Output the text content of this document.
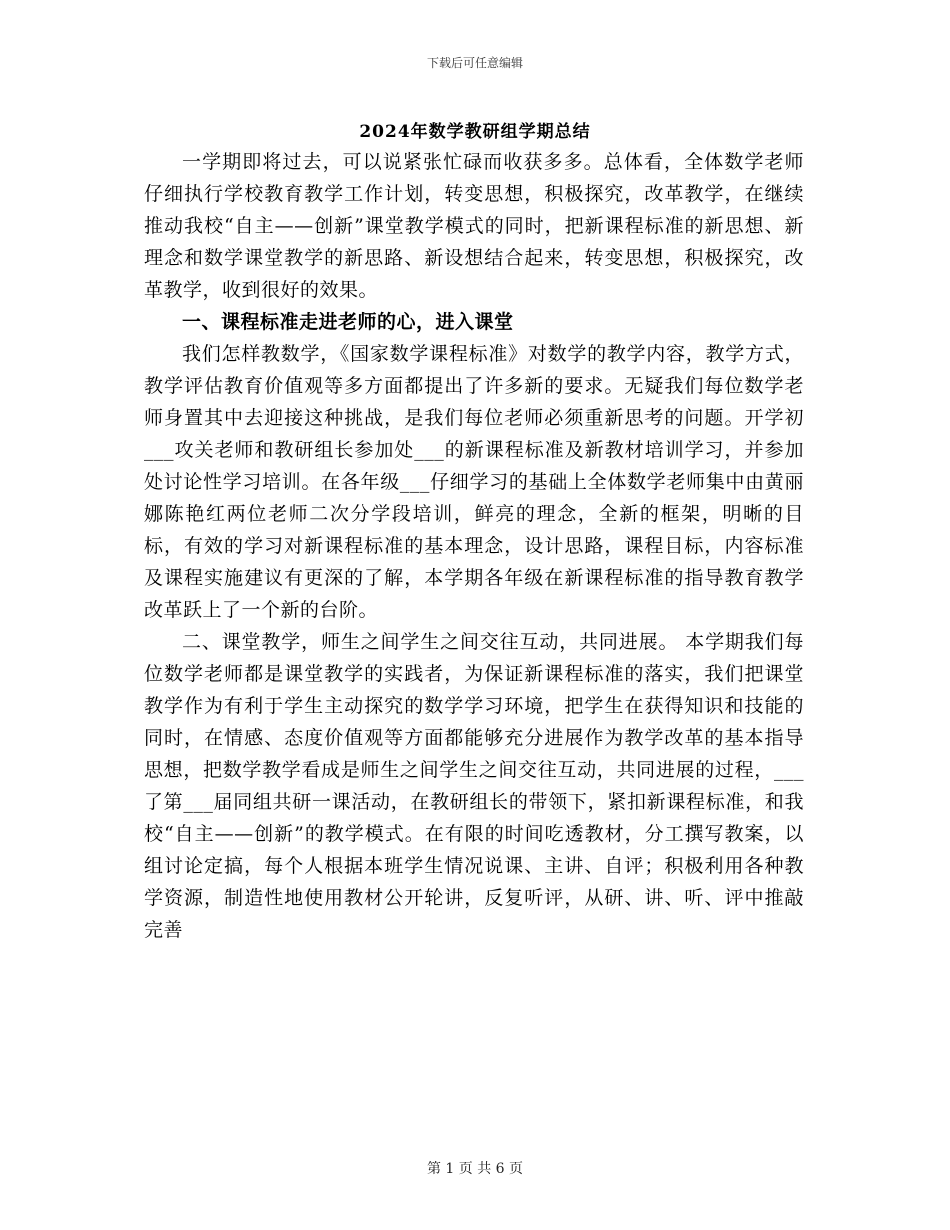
下载后可任意编辑
2024年数学教研组学期总结

一学期即将过去，可以说紧张忙碌而收获多多。总体看，全体数学老师仔细执行学校教育教学工作计划，转变思想，积极探究，改革教学，在继续推动我校“自主——创新”课堂教学模式的同时，把新课程标准的新思想、新理念和数学课堂教学的新思路、新设想结合起来，转变思想，积极探究，改革教学，收到很好的效果。

一、课程标准走进老师的心，进入课堂

我们怎样教数学，《国家数学课程标准》对数学的教学内容，教学方式，教学评估教育价值观等多方面都提出了许多新的要求。无疑我们每位数学老师身置其中去迎接这种挑战，是我们每位老师必须重新思考的问题。开学初___攻关老师和教研组长参加处___的新课程标准及新教材培训学习，并参加处讨论性学习培训。在各年级___仔细学习的基础上全体数学老师集中由黄丽娜陈艳红两位老师二次分学段培训，鲜亮的理念，全新的框架，明晰的目标，有效的学习对新课程标准的基本理念，设计思路，课程目标，内容标准及课程实施建议有更深的了解，本学期各年级在新课程标准的指导教育教学改革跃上了一个新的台阶。

二、课堂教学，师生之间学生之间交往互动，共同进展。 本学期我们每位数学老师都是课堂教学的实践者，为保证新课程标准的落实，我们把课堂教学作为有利于学生主动探究的数学学习环境，把学生在获得知识和技能的同时，在情感、态度价值观等方面都能够充分进展作为教学改革的基本指导思想，把数学教学看成是师生之间学生之间交往互动，共同进展的过程，___了第___届同组共研一课活动，在教研组长的带领下，紧扣新课程标准，和我校“自主——创新”的教学模式。在有限的时间吃透教材，分工撰写教案，以组讨论定搞，每个人根据本班学生情况说课、主讲、自评；积极利用各种教学资源，制造性地使用教材公开轮讲，反复听评，从研、讲、听、评中推敲完善

第 1 页 共 6 页
